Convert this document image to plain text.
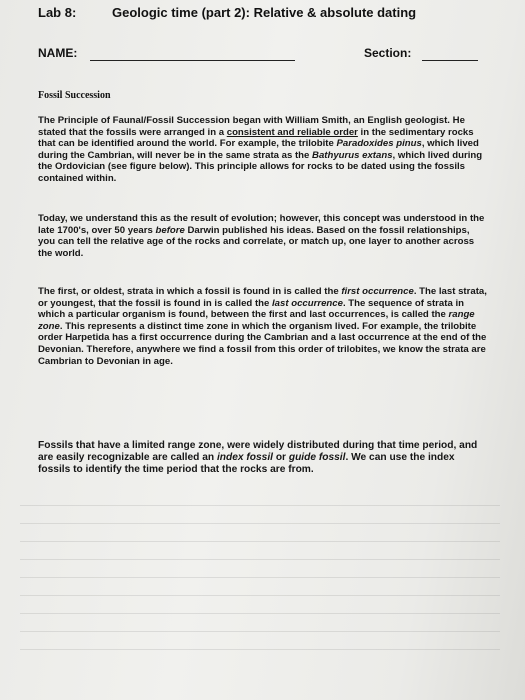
Lab 8:	Geologic time (part 2): Relative & absolute dating
NAME:	Section:
Fossil Succession

The Principle of Faunal/Fossil Succession began with William Smith, an English geologist. He stated that the fossils were arranged in a consistent and reliable order in the sedimentary rocks that can be identified around the world. For example, the trilobite Paradoxides pinus, which lived during the Cambrian, will never be in the same strata as the Bathyurus extans, which lived during the Ordovician (see figure below). This principle allows for rocks to be dated using the fossils contained within.

Today, we understand this as the result of evolution; however, this concept was understood in the late 1700's, over 50 years before Darwin published his ideas. Based on the fossil relationships, you can tell the relative age of the rocks and correlate, or match up, one layer to another across the world.

The first, or oldest, strata in which a fossil is found in is called the first occurrence. The last strata, or youngest, that the fossil is found in is called the last occurrence. The sequence of strata in which a particular organism is found, between the first and last occurrences, is called the range zone. This represents a distinct time zone in which the organism lived. For example, the trilobite order Harpetida has a first occurrence during the Cambrian and a last occurrence at the end of the Devonian. Therefore, anywhere we find a fossil from this order of trilobites, we know the strata are Cambrian to Devonian in age.

Fossils that have a limited range zone, were widely distributed during that time period, and are easily recognizable are called an index fossil or guide fossil. We can use the index fossils to identify the time period that the rocks are from.
